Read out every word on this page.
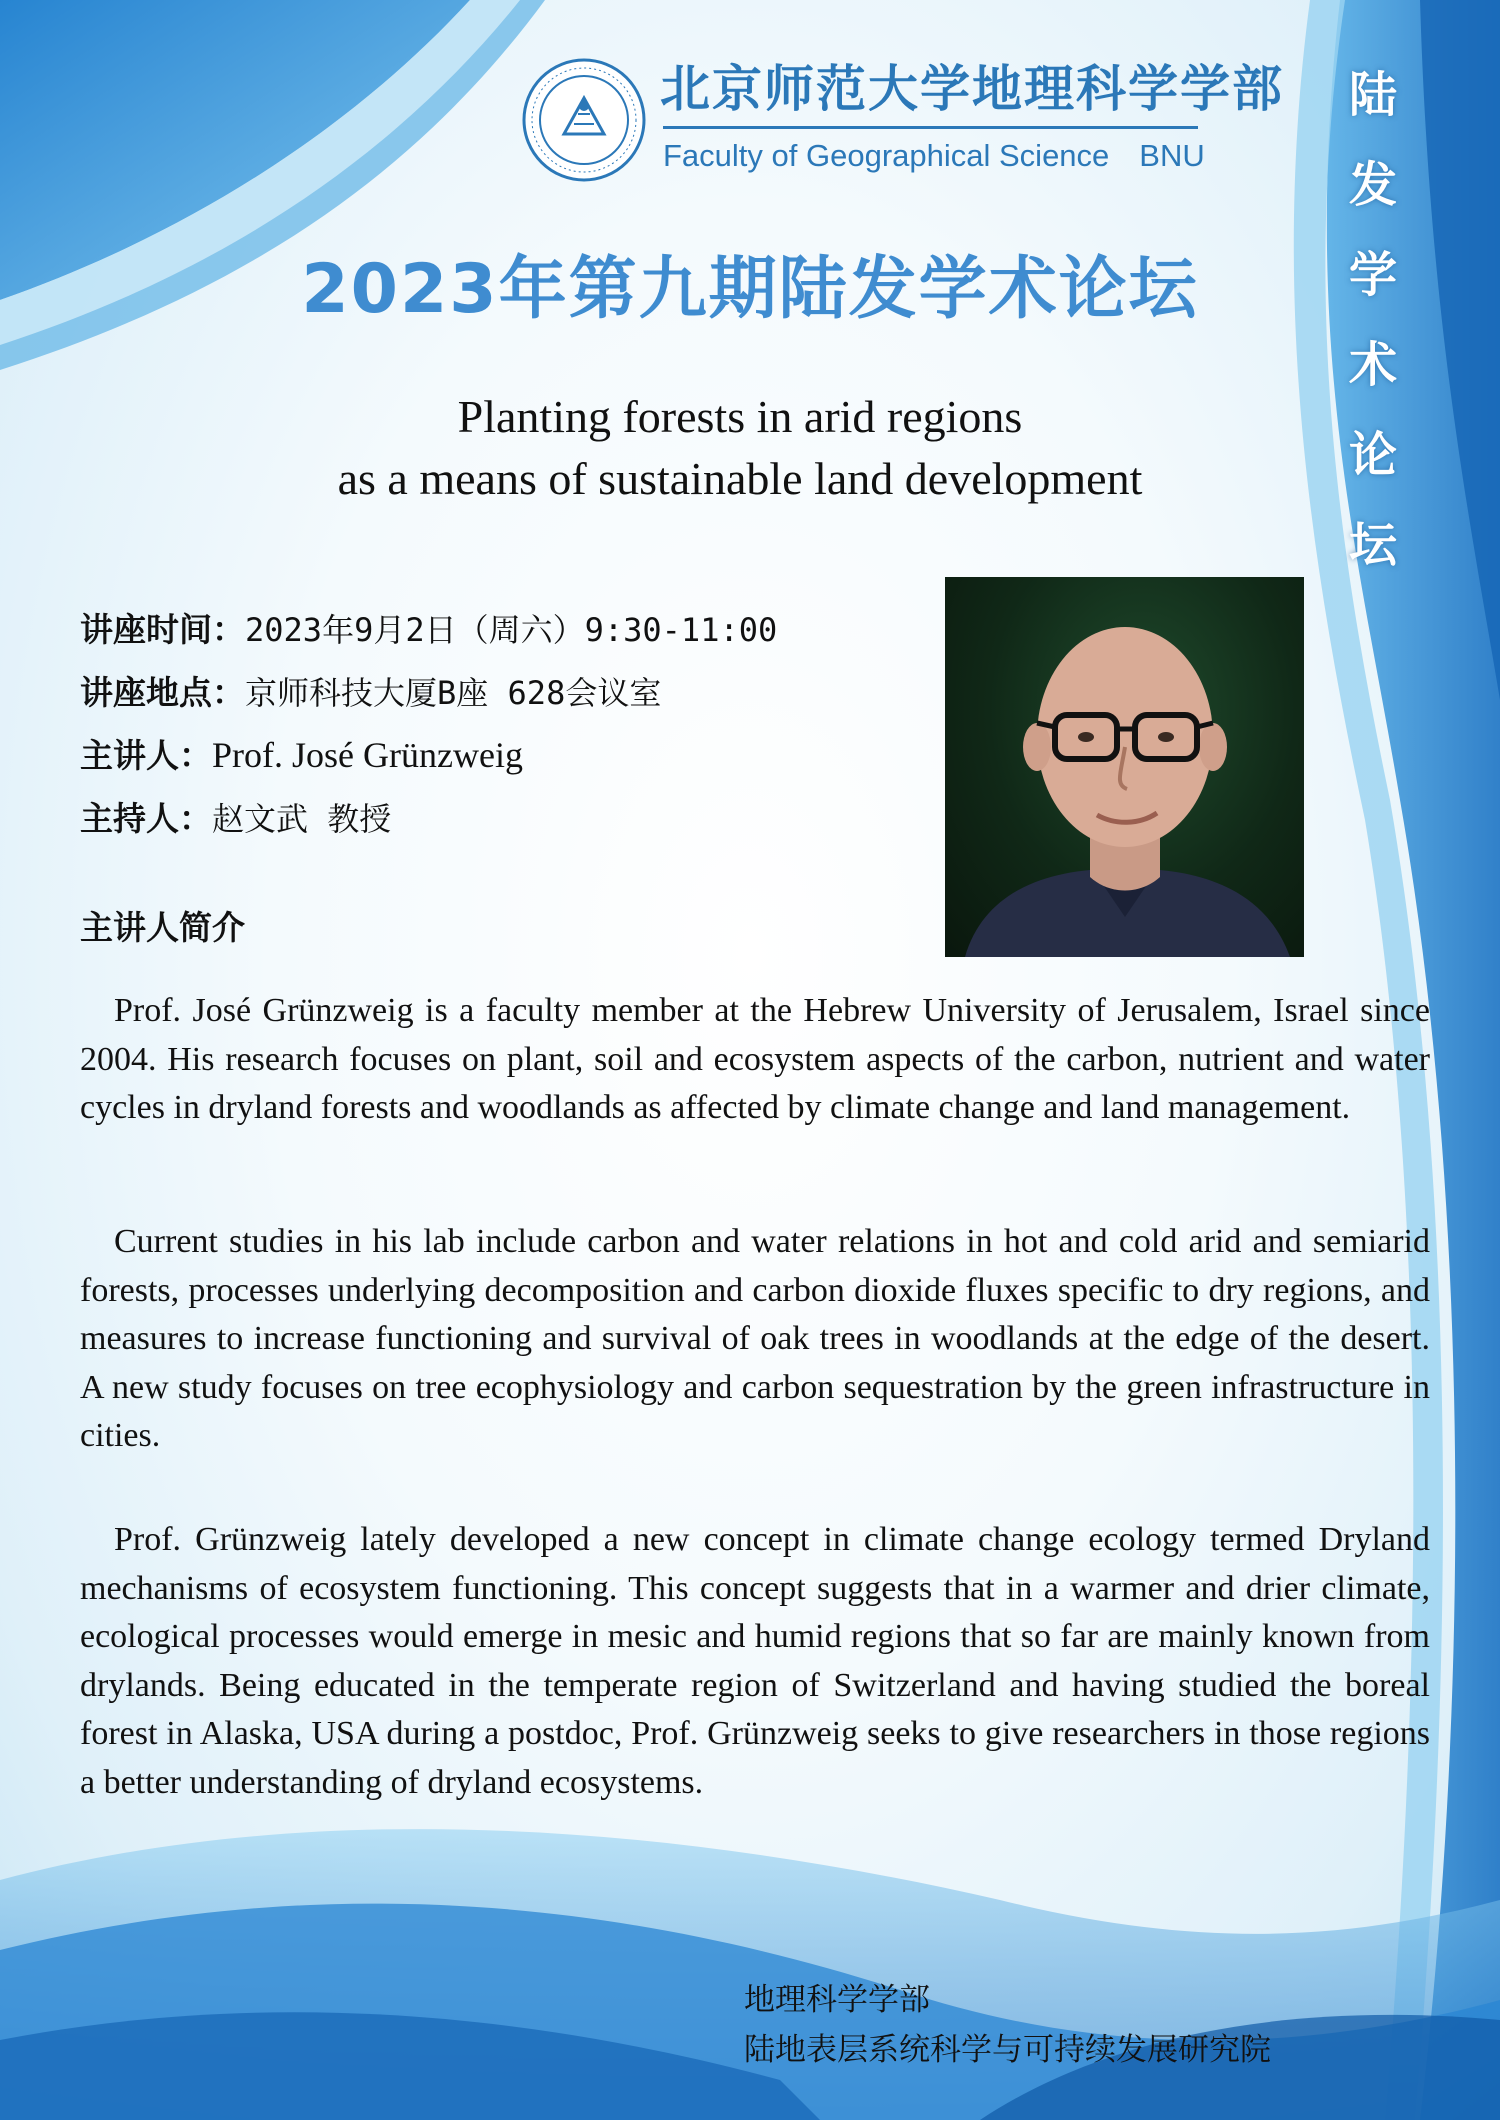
北京师范大学地理科学学部
Faculty of Geographical Science BNU
2023年第九期陆发学术论坛
陆
发
学
术
论
坛
Planting forests in arid regions
as a means of sustainable land development
讲座时间：2023年9月2日（周六）9:30-11:00
讲座地点：京师科技大厦B座 628会议室
主讲人：Prof. José Grünzweig
主持人：赵文武 教授
主讲人简介

Prof. José Grünzweig is a faculty member at the Hebrew University of Jerusalem, Israel since 2004. His research focuses on plant, soil and ecosystem aspects of the carbon, nutrient and water cycles in dryland forests and woodlands as affected by climate change and land management.

Current studies in his lab include carbon and water relations in hot and cold arid and semiarid forests, processes underlying decomposition and carbon dioxide fluxes specific to dry regions, and measures to increase functioning and survival of oak trees in woodlands at the edge of the desert. A new study focuses on tree ecophysiology and carbon sequestration by the green infrastructure in cities.

Prof. Grünzweig lately developed a new concept in climate change ecology termed Dryland mechanisms of ecosystem functioning. This concept suggests that in a warmer and drier climate, ecological processes would emerge in mesic and humid regions that so far are mainly known from drylands. Being educated in the temperate region of Switzerland and having studied the boreal forest in Alaska, USA during a postdoc, Prof. Grünzweig seeks to give researchers in those regions a better understanding of dryland ecosystems.

地理科学学部
陆地表层系统科学与可持续发展研究院
